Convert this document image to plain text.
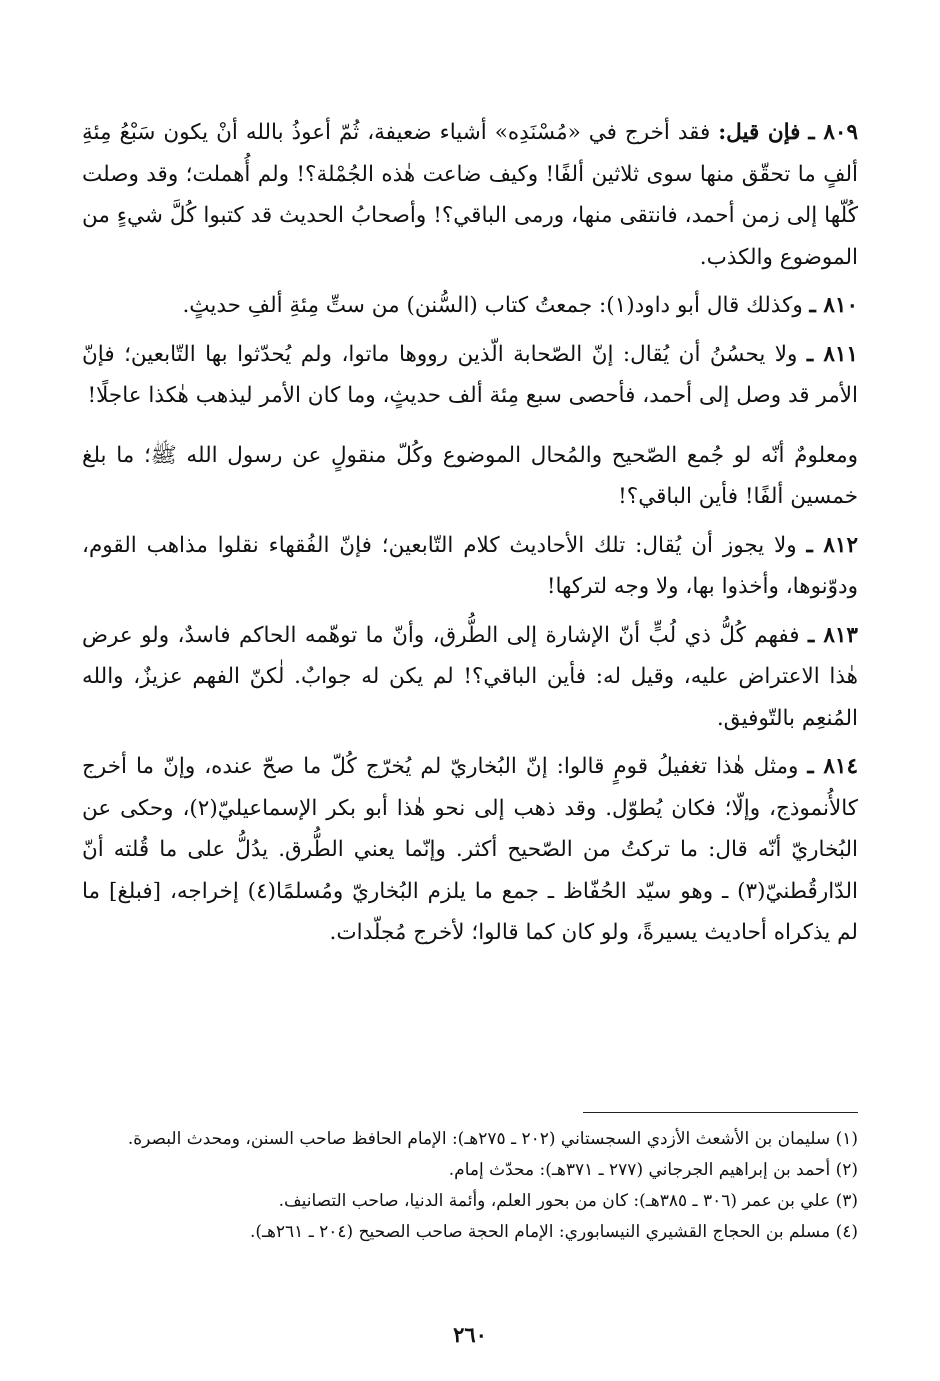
٨٠٩ ـ فإن قيل: فقد أخرج في «مُسْنَدِه» أشياء ضعيفة، ثُمّ أعوذُ بالله أنْ يكون سَبْعُ مِئةِ ألفٍ ما تحقّق منها سوى ثلاثين ألفًا! وكيف ضاعت هٰذه الجُمْلة؟! ولم أُهملت؛ وقد وصلت كُلّها إلى زمن أحمد، فانتقى منها، ورمى الباقي؟! وأصحابُ الحديث قد كتبوا كُلَّ شيءٍ من الموضوع والكذب.

٨١٠ ـ وكذلك قال أبو داود(١): جمعتُ كتاب (السُّنن) من ستِّ مِئةِ ألفِ حديثٍ.

٨١١ ـ ولا يحسُنُ أن يُقال: إنّ الصّحابة الّذين رووها ماتوا، ولم يُحدّثوا بها التّابعين؛ فإنّ الأمر قد وصل إلى أحمد، فأحصى سبع مِئة ألف حديثٍ، وما كان الأمر ليذهب هٰكذا عاجلًا!

ومعلومٌ أنّه لو جُمع الصّحيح والمُحال الموضوع وكُلّ منقولٍ عن رسول الله ﷺ؛ ما بلغ خمسين ألفًا! فأين الباقي؟!

٨١٢ ـ ولا يجوز أن يُقال: تلك الأحاديث كلام التّابعين؛ فإنّ الفُقهاء نقلوا مذاهب القوم، ودوّنوها، وأخذوا بها، ولا وجه لتركها!

٨١٣ ـ ففهم كُلُّ ذي لُبٍّ أنّ الإشارة إلى الطُّرق، وأنّ ما توهّمه الحاكم فاسدٌ، ولو عرض هٰذا الاعتراض عليه، وقيل له: فأين الباقي؟! لم يكن له جوابٌ. لٰكنّ الفهم عزيزٌ، والله المُنعِم بالتّوفيق.

٨١٤ ـ ومثل هٰذا تغفيلُ قومٍ قالوا: إنّ البُخاريّ لم يُخرّج كُلّ ما صحّ عنده، وإنّ ما أخرج كالأُنموذج، وإلّا؛ فكان يُطوّل. وقد ذهب إلى نحو هٰذا أبو بكر الإسماعيليّ(٢)، وحكى عن البُخاريّ أنّه قال: ما تركتُ من الصّحيح أكثر. وإنّما يعني الطُّرق. يدُلُّ على ما قُلته أنّ الدّارقُطنيّ(٣) ـ وهو سيّد الحُفّاظ ـ جمع ما يلزم البُخاريّ ومُسلمًا(٤) إخراجه، [فبلغ] ما لم يذكراه أحاديث يسيرةً، ولو كان كما قالوا؛ لأخرج مُجلّدات.

(١) سليمان بن الأشعث الأزدي السجستاني (٢٠٢ ـ ٢٧٥هـ): الإمام الحافظ صاحب السنن، ومحدث البصرة.

(٢) أحمد بن إبراهيم الجرجاني (٢٧٧ ـ ٣٧١هـ): محدّث إمام.

(٣) علي بن عمر (٣٠٦ ـ ٣٨٥هـ): كان من بحور العلم، وأئمة الدنيا، صاحب التصانيف.

(٤) مسلم بن الحجاج القشيري النيسابوري: الإمام الحجة صاحب الصحيح (٢٠٤ ـ ٢٦١هـ).

٢٦٠
